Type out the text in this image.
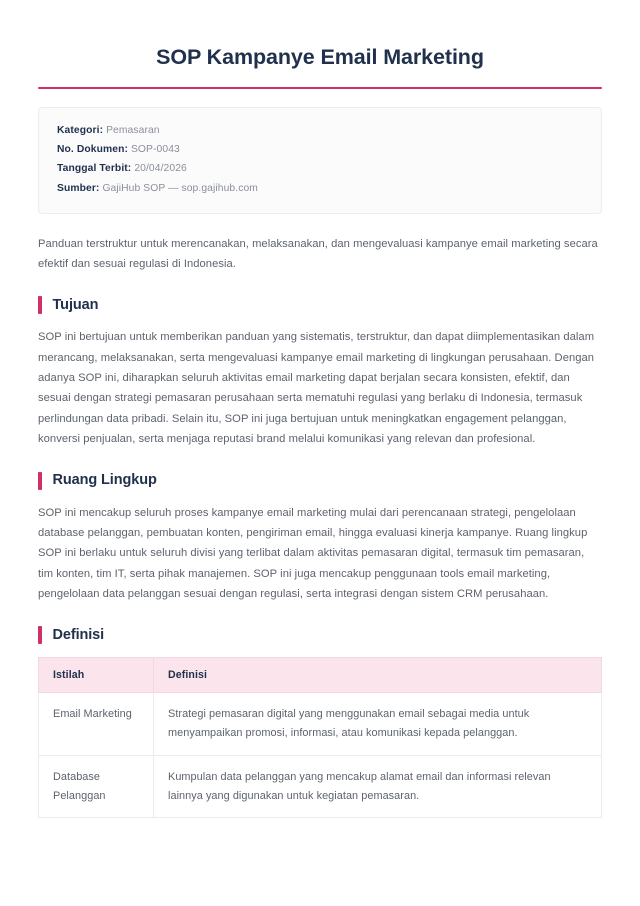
SOP Kampanye Email Marketing
Kategori: Pemasaran
No. Dokumen: SOP-0043
Tanggal Terbit: 20/04/2026
Sumber: GajiHub SOP — sop.gajihub.com

Panduan terstruktur untuk merencanakan, melaksanakan, dan mengevaluasi kampanye email marketing secara efektif dan sesuai regulasi di Indonesia.

Tujuan

SOP ini bertujuan untuk memberikan panduan yang sistematis, terstruktur, dan dapat diimplementasikan dalam merancang, melaksanakan, serta mengevaluasi kampanye email marketing di lingkungan perusahaan. Dengan adanya SOP ini, diharapkan seluruh aktivitas email marketing dapat berjalan secara konsisten, efektif, dan sesuai dengan strategi pemasaran perusahaan serta mematuhi regulasi yang berlaku di Indonesia, termasuk perlindungan data pribadi. Selain itu, SOP ini juga bertujuan untuk meningkatkan engagement pelanggan, konversi penjualan, serta menjaga reputasi brand melalui komunikasi yang relevan dan profesional.

Ruang Lingkup

SOP ini mencakup seluruh proses kampanye email marketing mulai dari perencanaan strategi, pengelolaan database pelanggan, pembuatan konten, pengiriman email, hingga evaluasi kinerja kampanye. Ruang lingkup SOP ini berlaku untuk seluruh divisi yang terlibat dalam aktivitas pemasaran digital, termasuk tim pemasaran, tim konten, tim IT, serta pihak manajemen. SOP ini juga mencakup penggunaan tools email marketing, pengelolaan data pelanggan sesuai dengan regulasi, serta integrasi dengan sistem CRM perusahaan.

Definisi
Istilah	Definisi
Email Marketing	Strategi pemasaran digital yang menggunakan email sebagai media untuk menyampaikan promosi, informasi, atau komunikasi kepada pelanggan.
Database Pelanggan	Kumpulan data pelanggan yang mencakup alamat email dan informasi relevan lainnya yang digunakan untuk kegiatan pemasaran.
